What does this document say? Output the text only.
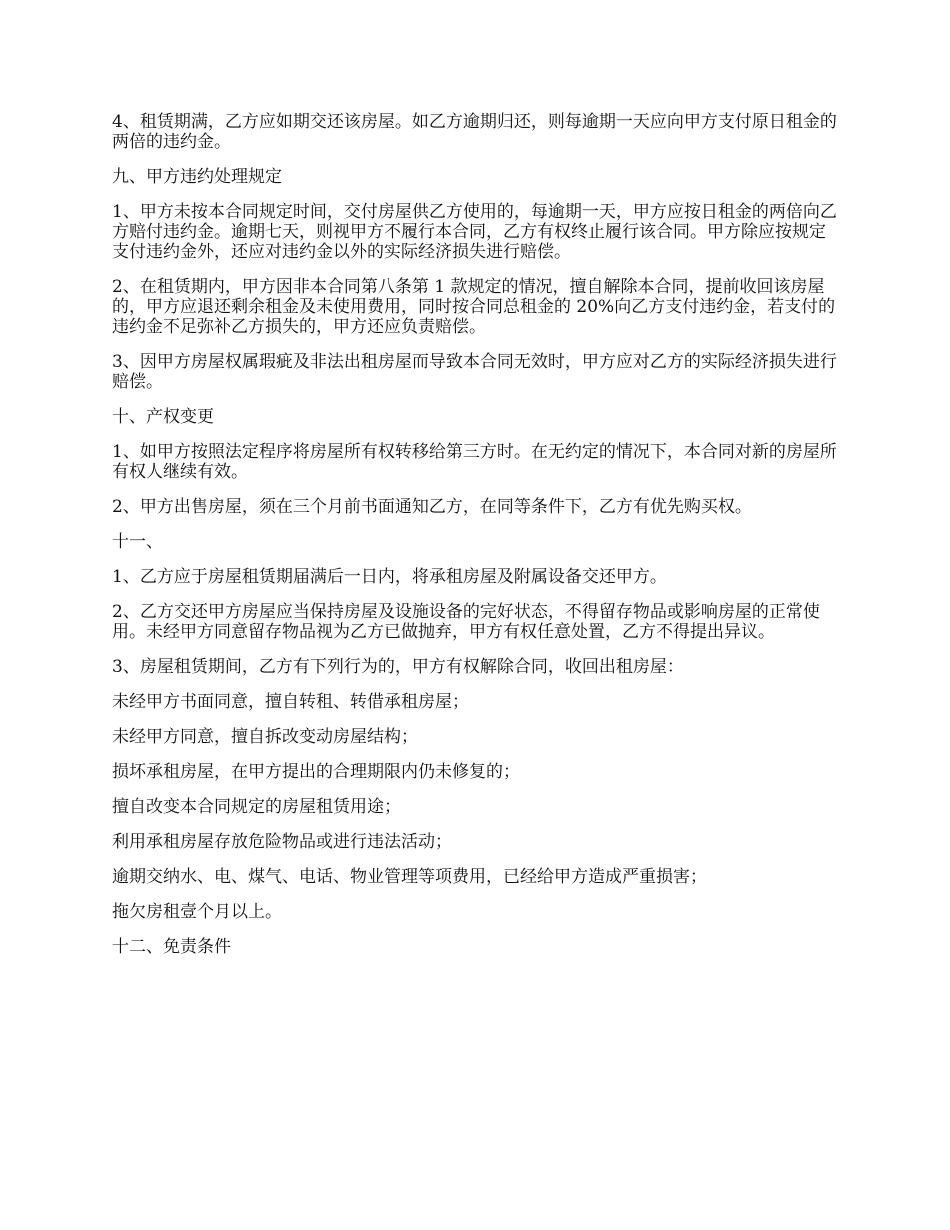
4、租赁期满，乙方应如期交还该房屋。如乙方逾期归还，则每逾期一天应向甲方支付原日租金的两倍的违约金。

九、甲方违约处理规定

1、甲方未按本合同规定时间，交付房屋供乙方使用的，每逾期一天，甲方应按日租金的两倍向乙方赔付违约金。逾期七天，则视甲方不履行本合同，乙方有权终止履行该合同。甲方除应按规定支付违约金外，还应对违约金以外的实际经济损失进行赔偿。

2、在租赁期内，甲方因非本合同第八条第 1 款规定的情况，擅自解除本合同，提前收回该房屋的，甲方应退还剩余租金及未使用费用，同时按合同总租金的 20%向乙方支付违约金，若支付的违约金不足弥补乙方损失的，甲方还应负责赔偿。

3、因甲方房屋权属瑕疵及非法出租房屋而导致本合同无效时，甲方应对乙方的实际经济损失进行赔偿。

十、产权变更

1、如甲方按照法定程序将房屋所有权转移给第三方时。在无约定的情况下，本合同对新的房屋所有权人继续有效。

2、甲方出售房屋，须在三个月前书面通知乙方，在同等条件下，乙方有优先购买权。

十一、

1、乙方应于房屋租赁期届满后一日内，将承租房屋及附属设备交还甲方。

2、乙方交还甲方房屋应当保持房屋及设施设备的完好状态，不得留存物品或影响房屋的正常使用。未经甲方同意留存物品视为乙方已做抛弃，甲方有权任意处置，乙方不得提出异议。

3、房屋租赁期间，乙方有下列行为的，甲方有权解除合同，收回出租房屋：

未经甲方书面同意，擅自转租、转借承租房屋；

未经甲方同意，擅自拆改变动房屋结构；

损坏承租房屋，在甲方提出的合理期限内仍未修复的；

擅自改变本合同规定的房屋租赁用途；

利用承租房屋存放危险物品或进行违法活动；

逾期交纳水、电、煤气、电话、物业管理等项费用，已经给甲方造成严重损害；

拖欠房租壹个月以上。

十二、免责条件
